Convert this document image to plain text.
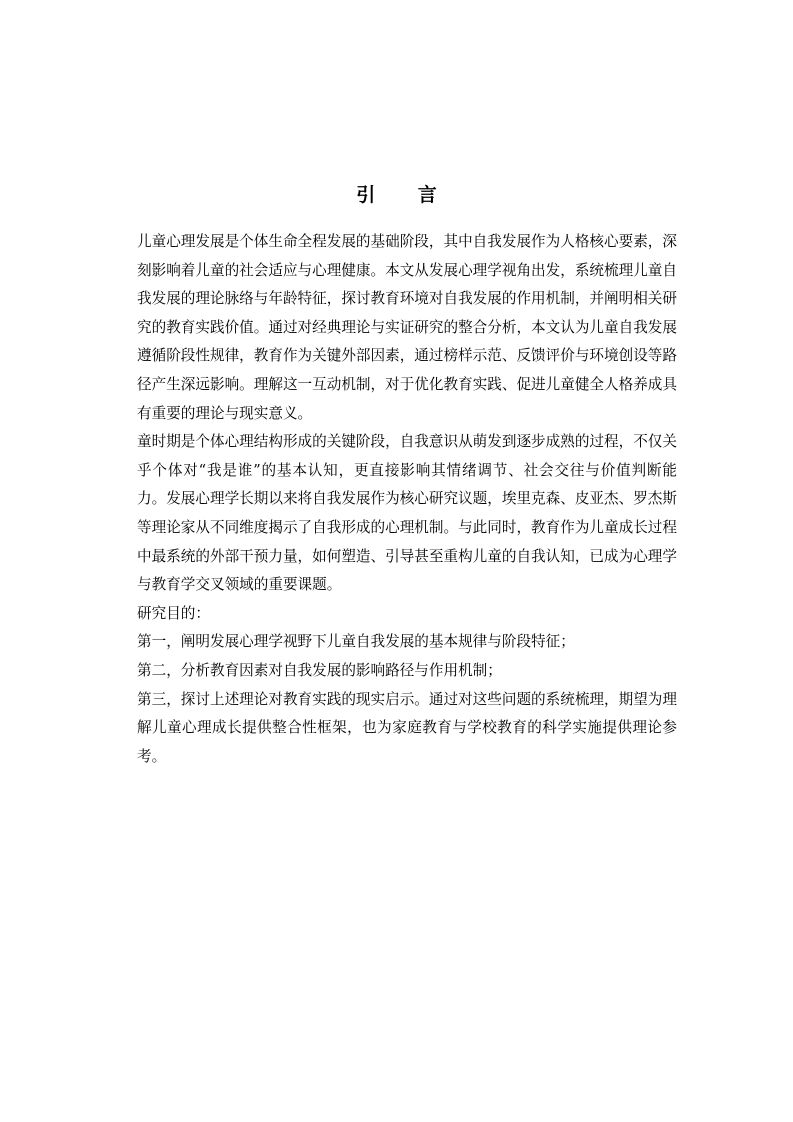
引 言

儿童心理发展是个体生命全程发展的基础阶段，其中自我发展作为人格核心要素，深刻影响着儿童的社会适应与心理健康。本文从发展心理学视角出发，系统梳理儿童自我发展的理论脉络与年龄特征，探讨教育环境对自我发展的作用机制，并阐明相关研究的教育实践价值。通过对经典理论与实证研究的整合分析，本文认为儿童自我发展遵循阶段性规律，教育作为关键外部因素，通过榜样示范、反馈评价与环境创设等路径产生深远影响。理解这一互动机制，对于优化教育实践、促进儿童健全人格养成具有重要的理论与现实意义。

童时期是个体心理结构形成的关键阶段，自我意识从萌发到逐步成熟的过程，不仅关乎个体对“我是谁”的基本认知，更直接影响其情绪调节、社会交往与价值判断能力。发展心理学长期以来将自我发展作为核心研究议题，埃里克森、皮亚杰、罗杰斯等理论家从不同维度揭示了自我形成的心理机制。与此同时，教育作为儿童成长过程中最系统的外部干预力量，如何塑造、引导甚至重构儿童的自我认知，已成为心理学与教育学交叉领域的重要课题。

研究目的：

第一，阐明发展心理学视野下儿童自我发展的基本规律与阶段特征；

第二，分析教育因素对自我发展的影响路径与作用机制；

第三，探讨上述理论对教育实践的现实启示。通过对这些问题的系统梳理，期望为理解儿童心理成长提供整合性框架，也为家庭教育与学校教育的科学实施提供理论参考。
